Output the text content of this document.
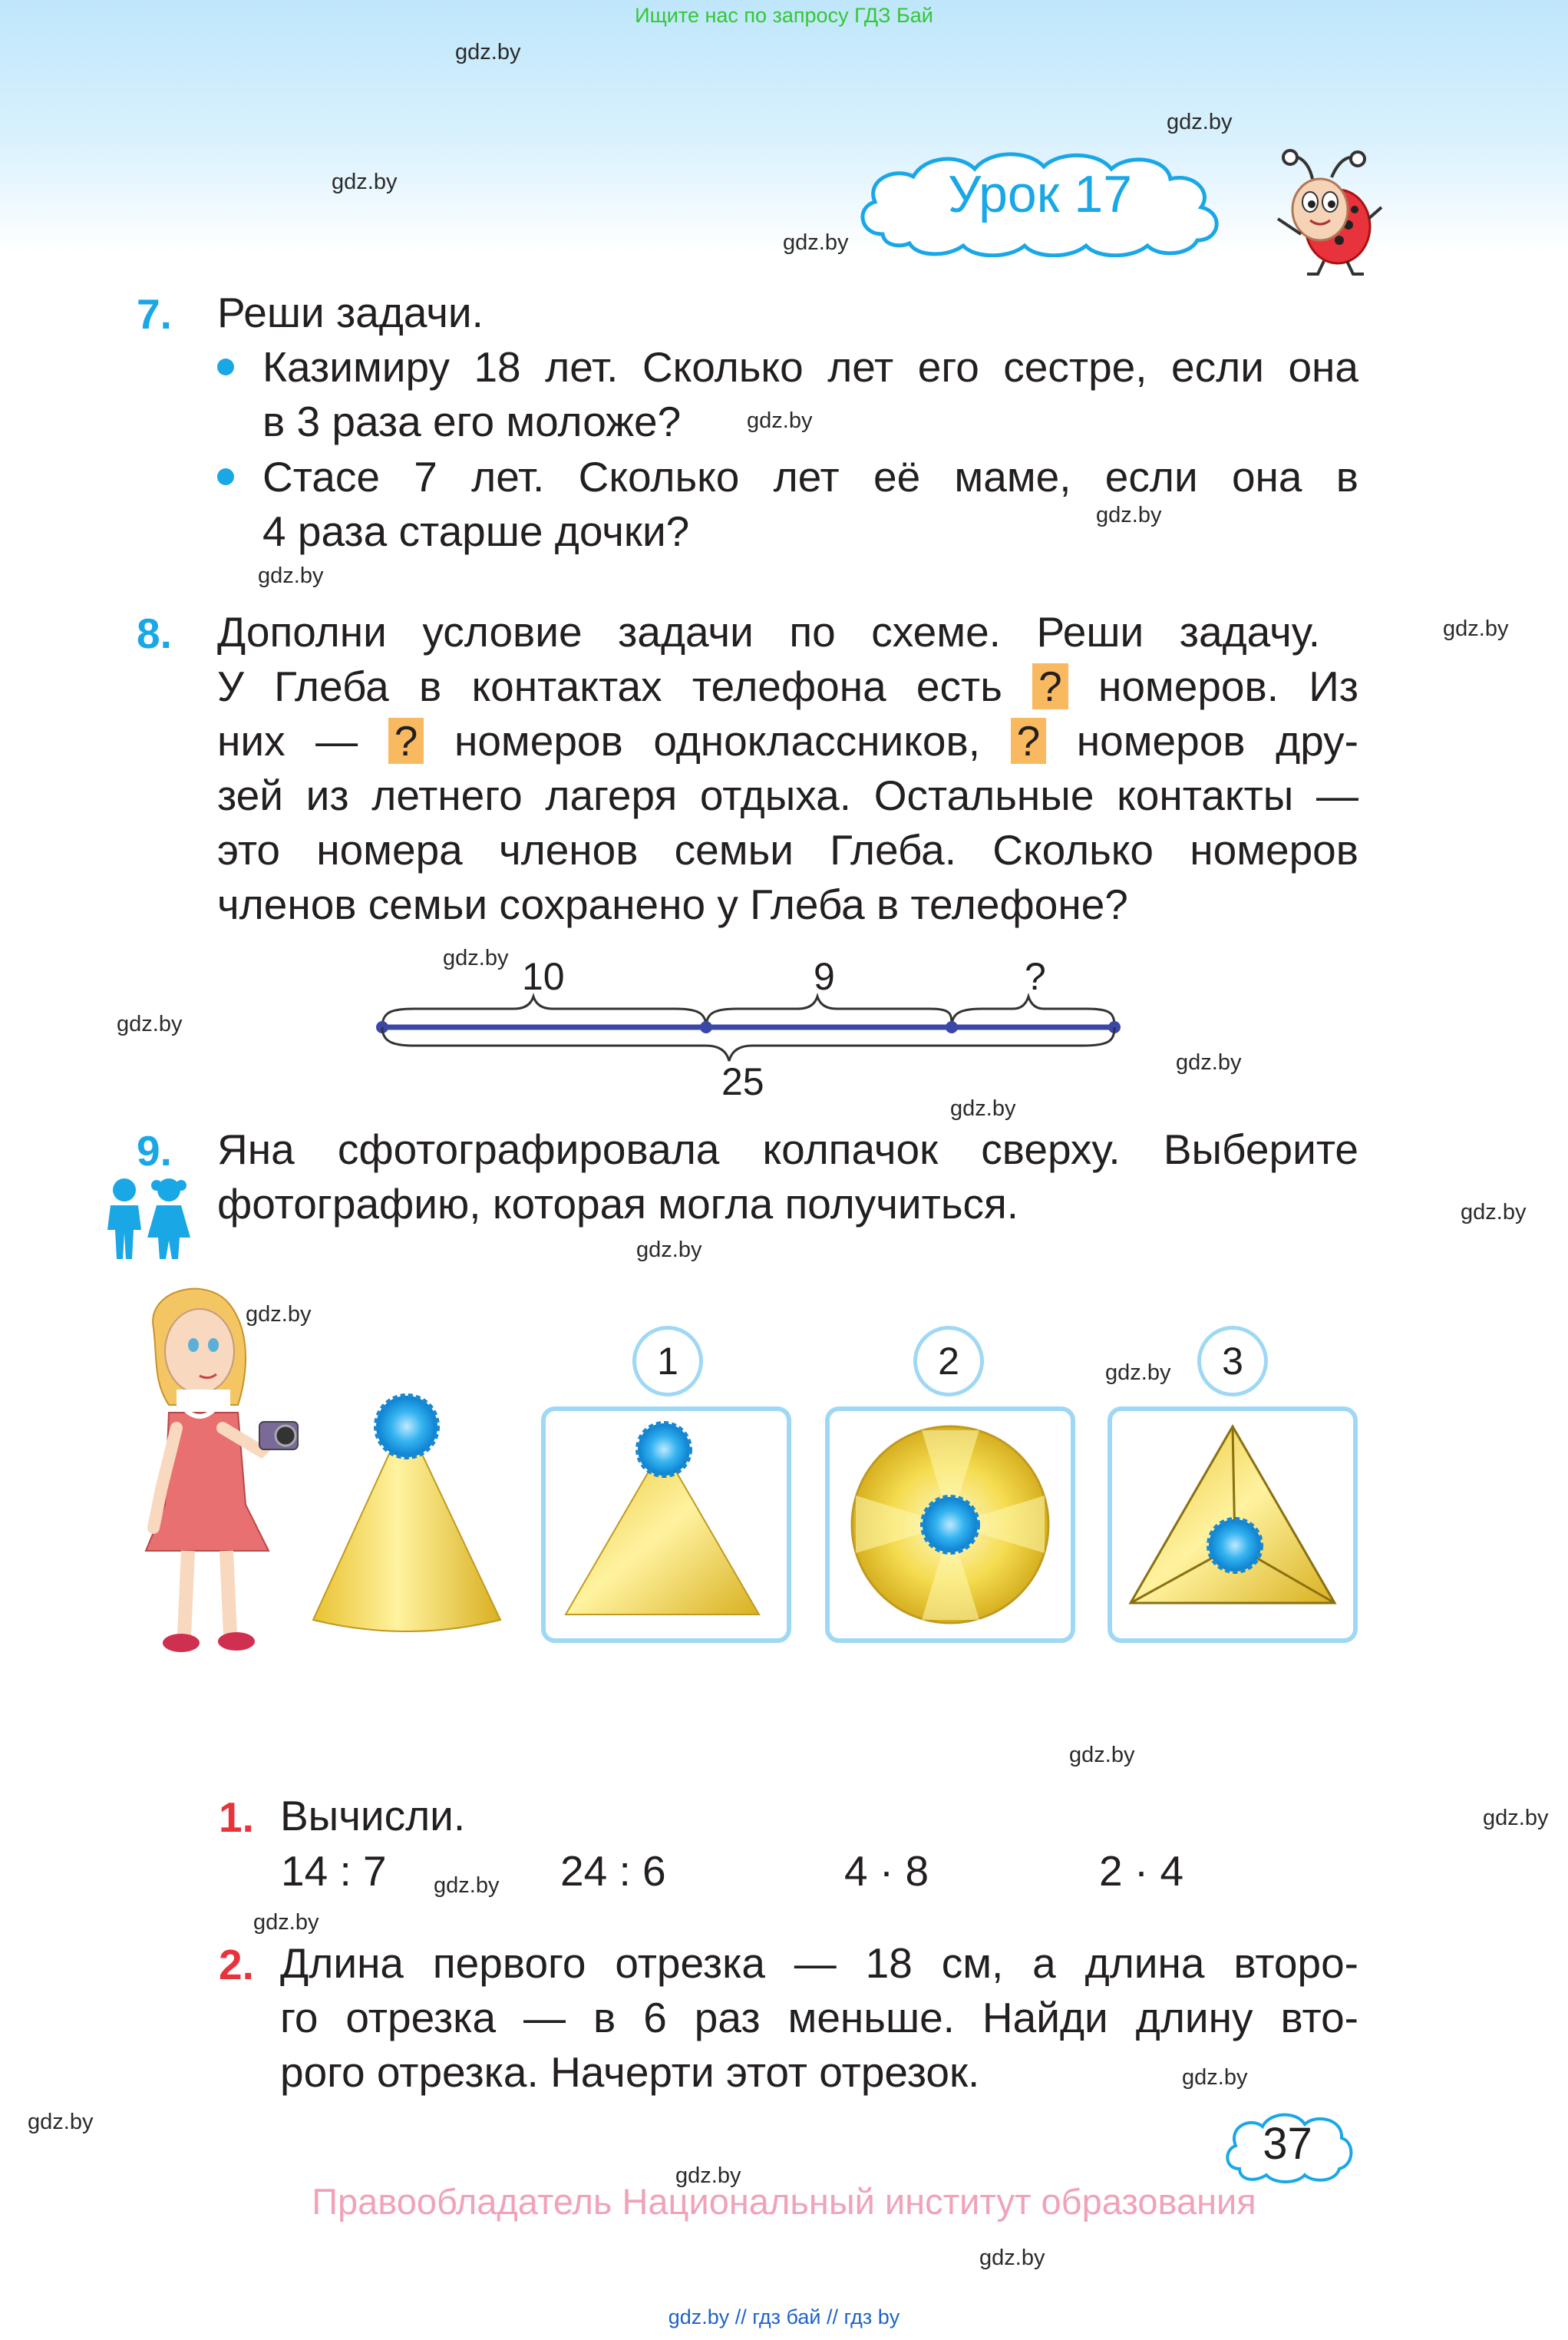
Ищите нас по запросу ГДЗ Бай
gdz.by
gdz.by
gdz.by
gdz.by
gdz.by
gdz.by
gdz.by
gdz.by
gdz.by
gdz.by
gdz.by
gdz.by
gdz.by
gdz.by
gdz.by
gdz.by
gdz.by
gdz.by
gdz.by
gdz.by
gdz.by
gdz.by
gdz.by
gdz.by
Урок 17
7. Реши задачи.
Казимиру 18 лет. Сколько лет его сестре, если она
в 3 раза его моложе?
Стасе 7 лет. Сколько лет её маме, если она в
4 раза старше дочки?
8. Дополни условие задачи по схеме. Реши задачу.
У Глеба в контактах телефона есть ? номеров. Из
них — ? номеров одноклассников, ? номеров дру-
зей из летнего лагеря отдыха. Остальные контакты —
это номера членов семьи Глеба. Сколько номеров
членов семьи сохранено у Глеба в телефоне?
10	9	?
25
9. Яна сфотографировала колпачок сверху. Выберите
фотографию, которая могла получиться.
1	2	3
1. Вычисли.
14 : 7	24 : 6	4 · 8	2 · 4
2. Длина первого отрезка — 18 см, а длина второ-
го отрезка — в 6 раз меньше. Найди длину вто-
рого отрезка. Начерти этот отрезок.
37
Правообладатель Национальный институт образования
gdz.by // гдз бай // гдз by
